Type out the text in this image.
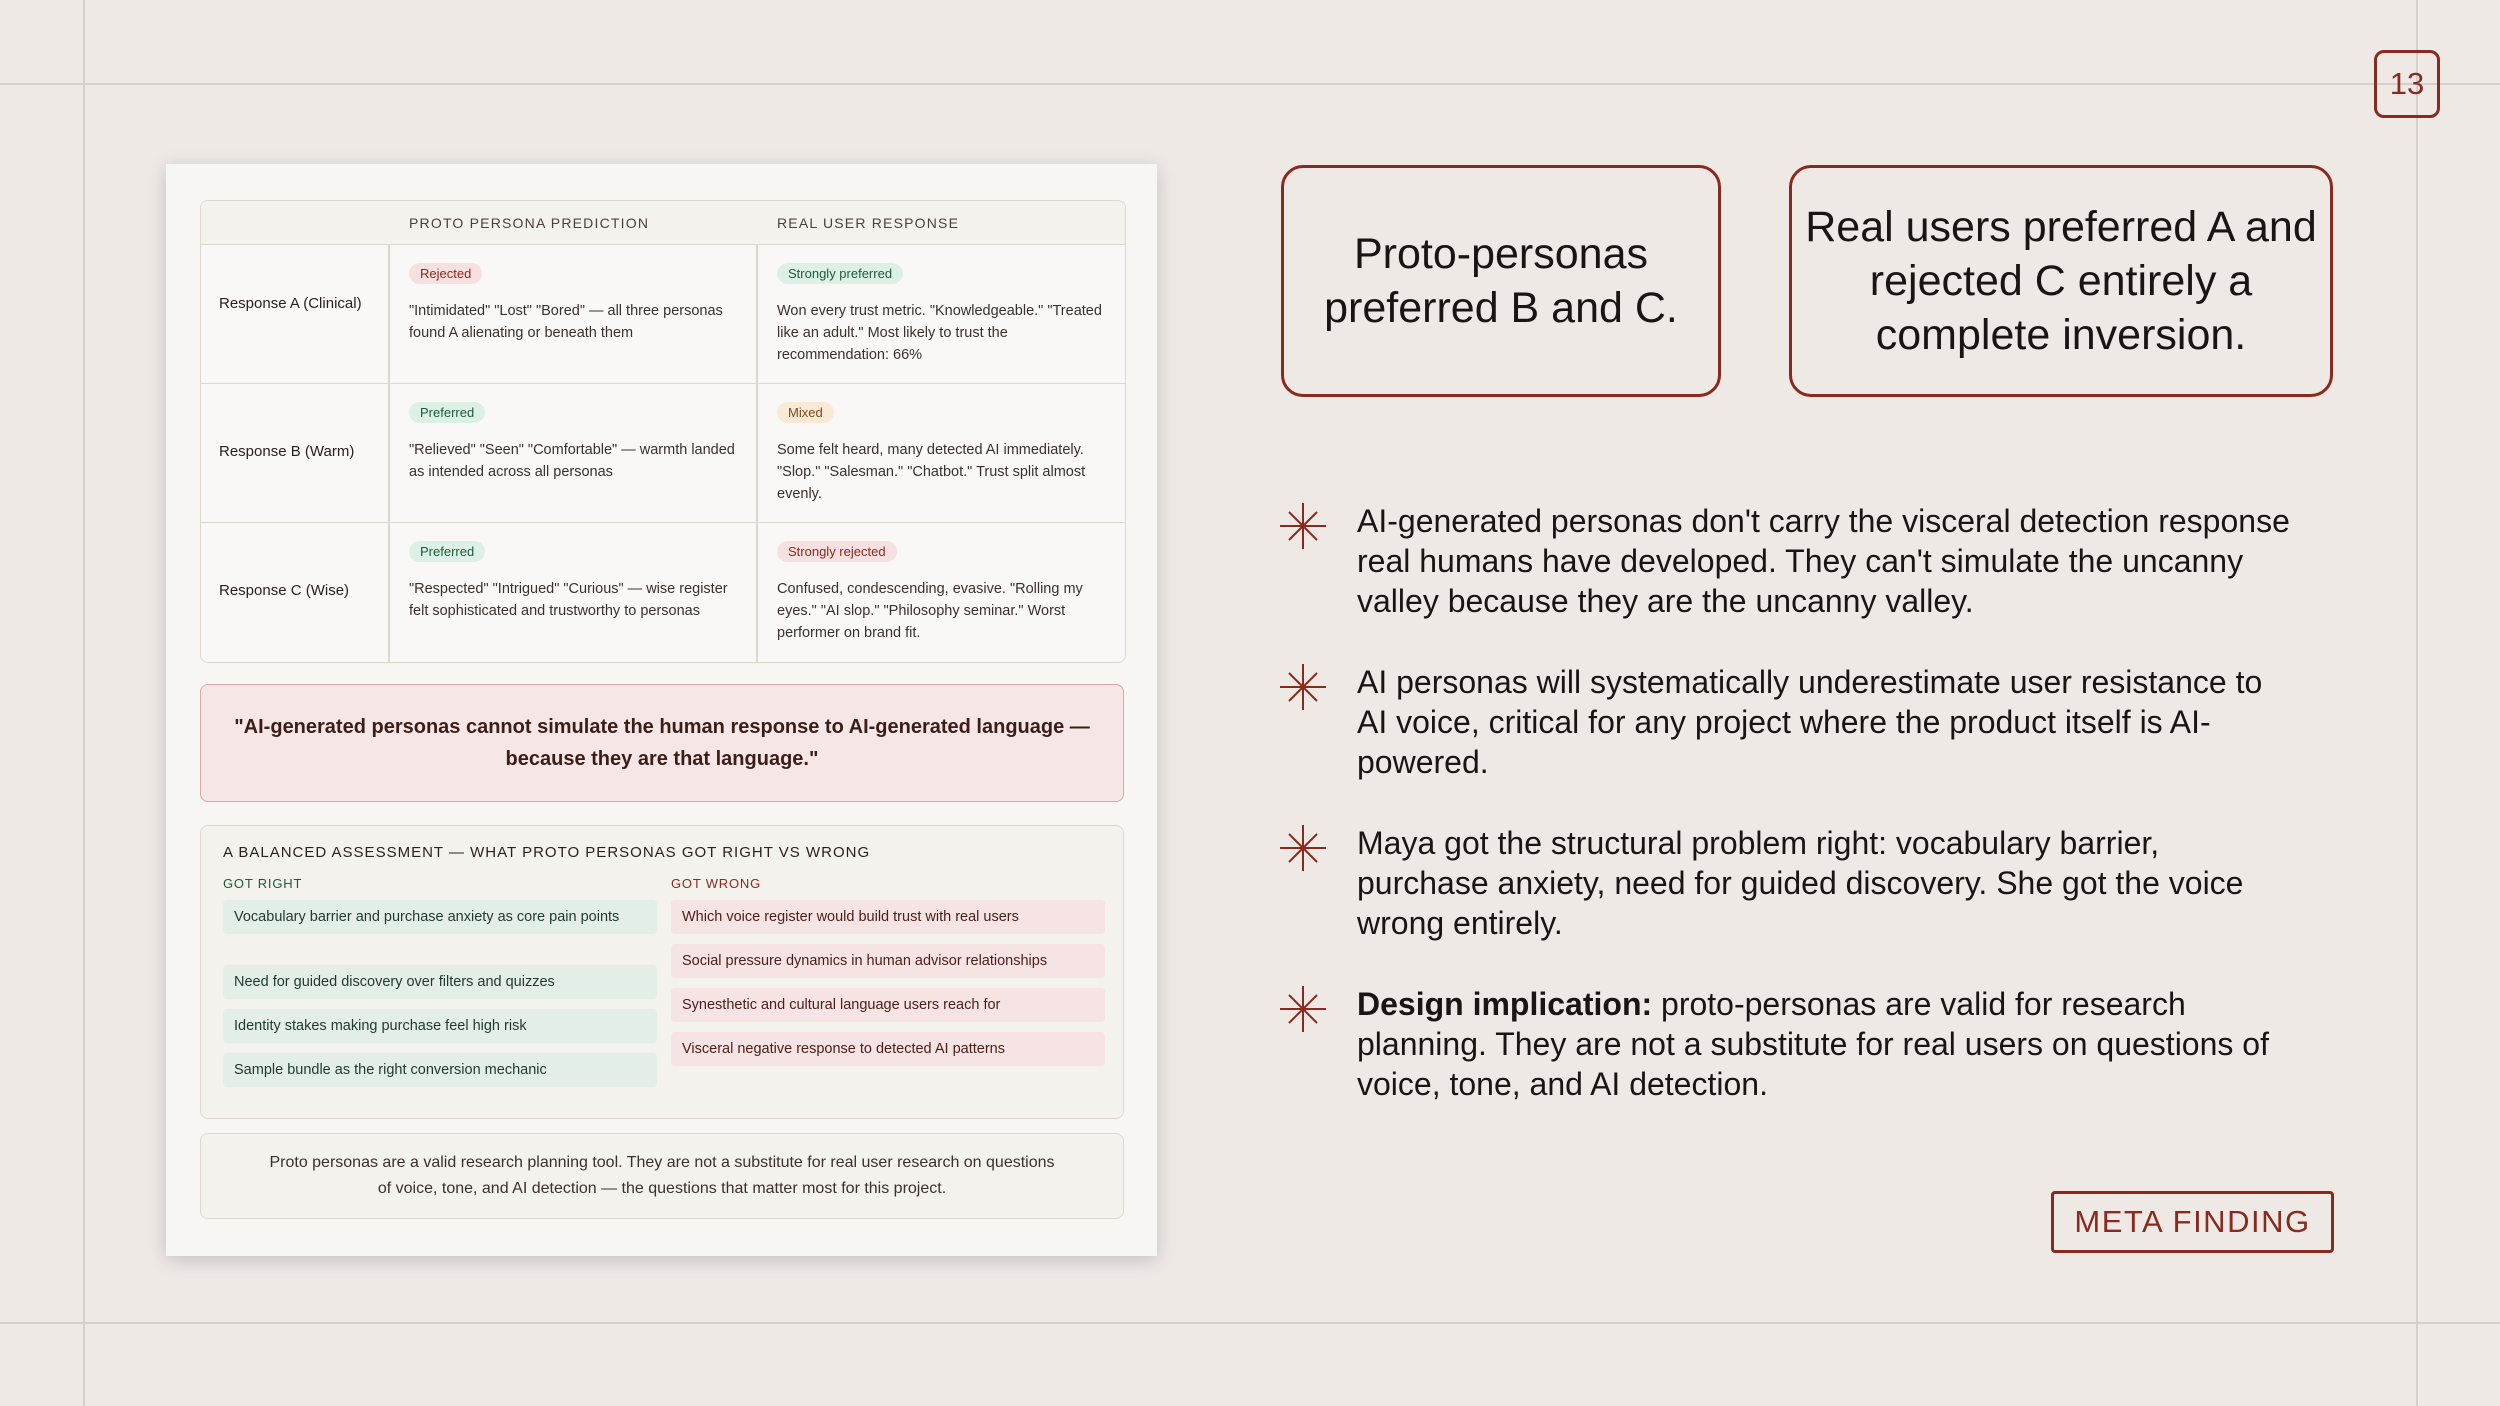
13
PROTO PERSONA PREDICTION	REAL USER RESPONSE
Response A (Clinical)
Rejected
"Intimidated" "Lost" "Bored" — all three personas found A alienating or beneath them
Strongly preferred
Won every trust metric. "Knowledgeable." "Treated like an adult." Most likely to trust the recommendation: 66%
Response B (Warm)
Preferred
"Relieved" "Seen" "Comfortable" — warmth landed as intended across all personas
Mixed
Some felt heard, many detected AI immediately. "Slop." "Salesman." "Chatbot." Trust split almost evenly.
Response C (Wise)
Preferred
"Respected" "Intrigued" "Curious" — wise register felt sophisticated and trustworthy to personas
Strongly rejected
Confused, condescending, evasive. "Rolling my eyes." "AI slop." "Philosophy seminar." Worst performer on brand fit.
"AI-generated personas cannot simulate the human response to AI-generated language — because they are that language."
A BALANCED ASSESSMENT — WHAT PROTO PERSONAS GOT RIGHT VS WRONG
GOT RIGHT	GOT WRONG
Vocabulary barrier and purchase anxiety as core pain points
Need for guided discovery over filters and quizzes
Identity stakes making purchase feel high risk
Sample bundle as the right conversion mechanic
Which voice register would build trust with real users
Social pressure dynamics in human advisor relationships
Synesthetic and cultural language users reach for
Visceral negative response to detected AI patterns
Proto personas are a valid research planning tool. They are not a substitute for real user research on questions of voice, tone, and AI detection — the questions that matter most for this project.
Proto-personas preferred B and C.
Real users preferred A and rejected C entirely a complete inversion.
AI-generated personas don't carry the visceral detection response real humans have developed. They can't simulate the uncanny valley because they are the uncanny valley.
AI personas will systematically underestimate user resistance to AI voice, critical for any project where the product itself is AI-powered.
Maya got the structural problem right: vocabulary barrier, purchase anxiety, need for guided discovery. She got the voice wrong entirely.
Design implication: proto-personas are valid for research planning. They are not a substitute for real users on questions of voice, tone, and AI detection.
META FINDING
